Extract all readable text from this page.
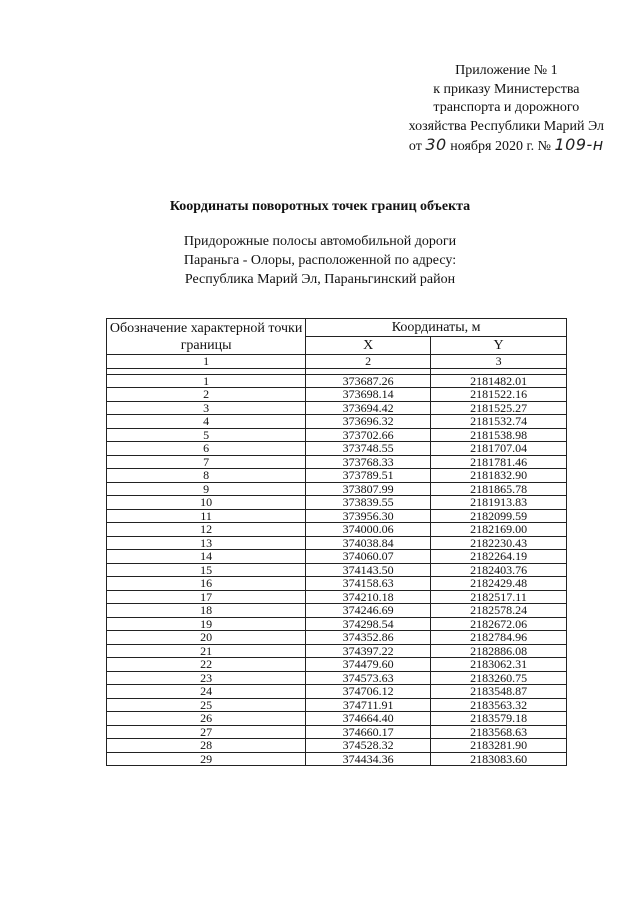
Приложение № 1
к приказу Министерства
транспорта и дорожного
хозяйства Республики Марий Эл
от 30 ноября 2020 г. № 109-н
Координаты поворотных точек границ объекта
Придорожные полосы автомобильной дороги
Параньга - Олоры, расположенной по адресу:
Республика Марий Эл, Параньгинский район
Обозначение характерной точки границы	Координаты, м	
	X	Y
1	2	3

1	373687.26	2181482.01
2	373698.14	2181522.16
3	373694.42	2181525.27
4	373696.32	2181532.74
5	373702.66	2181538.98
6	373748.55	2181707.04
7	373768.33	2181781.46
8	373789.51	2181832.90
9	373807.99	2181865.78
10	373839.55	2181913.83
11	373956.30	2182099.59
12	374000.06	2182169.00
13	374038.84	2182230.43
14	374060.07	2182264.19
15	374143.50	2182403.76
16	374158.63	2182429.48
17	374210.18	2182517.11
18	374246.69	2182578.24
19	374298.54	2182672.06
20	374352.86	2182784.96
21	374397.22	2182886.08
22	374479.60	2183062.31
23	374573.63	2183260.75
24	374706.12	2183548.87
25	374711.91	2183563.32
26	374664.40	2183579.18
27	374660.17	2183568.63
28	374528.32	2183281.90
29	374434.36	2183083.60
